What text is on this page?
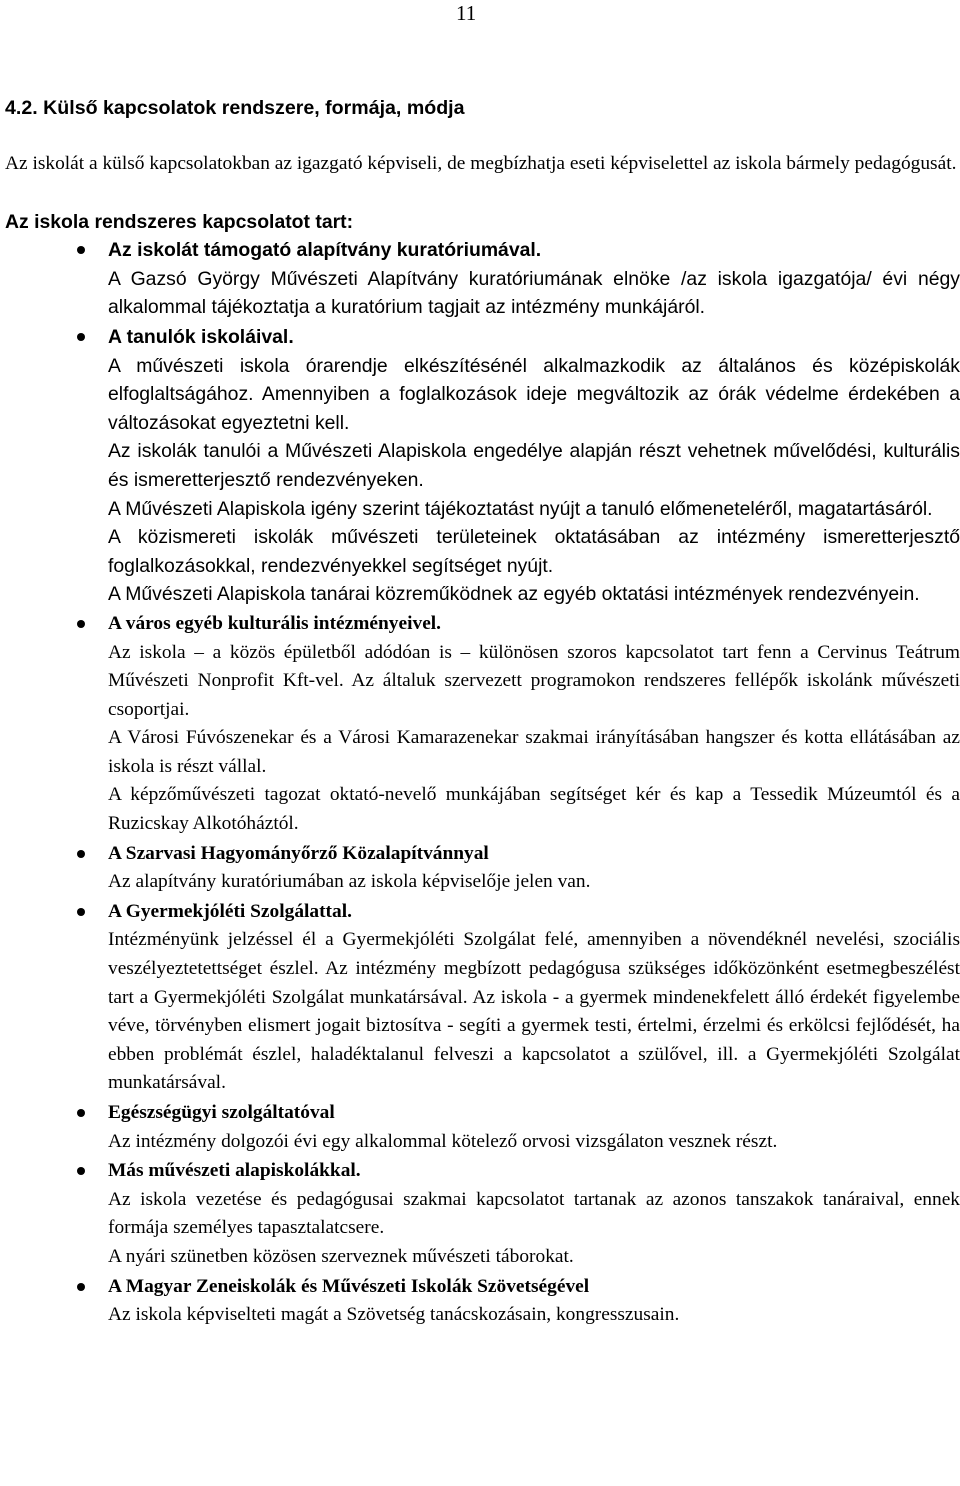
11
4.2. Külső kapcsolatok rendszere, formája, módja

Az iskolát a külső kapcsolatokban az igazgató képviseli, de megbízhatja eseti képviselettel az iskola bármely pedagógusát.

Az iskola rendszeres kapcsolatot tart:
Az iskolát támogató alapítvány kuratóriumával.

A Gazsó György Művészeti Alapítvány kuratóriumának elnöke /az iskola igazgatója/ évi négy alkalommal tájékoztatja a kuratórium tagjait az intézmény munkájáról.

A tanulók iskoláival.

A művészeti iskola órarendje elkészítésénél alkalmazkodik az általános és középiskolák elfoglaltságához. Amennyiben a foglalkozások ideje megváltozik az órák védelme érdekében a változásokat egyeztetni kell.

Az iskolák tanulói a Művészeti Alapiskola engedélye alapján részt vehetnek művelődési, kulturális és ismeretterjesztő rendezvényeken.

A Művészeti Alapiskola igény szerint tájékoztatást nyújt a tanuló előmeneteléről, magatartásáról.

A közismereti iskolák művészeti területeinek oktatásában az intézmény ismeretterjesztő foglalkozásokkal, rendezvényekkel segítséget nyújt.

A Művészeti Alapiskola tanárai közreműködnek az egyéb oktatási intézmények rendezvényein.

A város egyéb kulturális intézményeivel.

Az iskola – a közös épületből adódóan is – különösen szoros kapcsolatot tart fenn a Cervinus Teátrum Művészeti Nonprofit Kft-vel. Az általuk szervezett programokon rendszeres fellépők iskolánk művészeti csoportjai.

A Városi Fúvószenekar és a Városi Kamarazenekar szakmai irányításában hangszer és kotta ellátásában az iskola is részt vállal.

A képzőművészeti tagozat oktató-nevelő munkájában segítséget kér és kap a Tessedik Múzeumtól és a Ruzicskay Alkotóháztól.

A Szarvasi Hagyományőrző Közalapítvánnyal

Az alapítvány kuratóriumában az iskola képviselője jelen van.

A Gyermekjóléti Szolgálattal.

Intézményünk jelzéssel él a Gyermekjóléti Szolgálat felé, amennyiben a növendéknél nevelési, szociális veszélyeztetettséget észlel. Az intézmény megbízott pedagógusa szükséges időközönként esetmegbeszélést tart a Gyermekjóléti Szolgálat munkatársával. Az iskola - a gyermek mindenekfelett álló érdekét figyelembe véve, törvényben elismert jogait biztosítva - segíti a gyermek testi, értelmi, érzelmi és erkölcsi fejlődését, ha ebben problémát észlel, haladéktalanul felveszi a kapcsolatot a szülővel, ill. a Gyermekjóléti Szolgálat munkatársával.

Egészségügyi szolgáltatóval

Az intézmény dolgozói évi egy alkalommal kötelező orvosi vizsgálaton vesznek részt.

Más művészeti alapiskolákkal.

Az iskola vezetése és pedagógusai szakmai kapcsolatot tartanak az azonos tanszakok tanáraival, ennek formája személyes tapasztalatcsere.

A nyári szünetben közösen szerveznek művészeti táborokat.

A Magyar Zeneiskolák és Művészeti Iskolák Szövetségével

Az iskola képviselteti magát a Szövetség tanácskozásain, kongresszusain.
